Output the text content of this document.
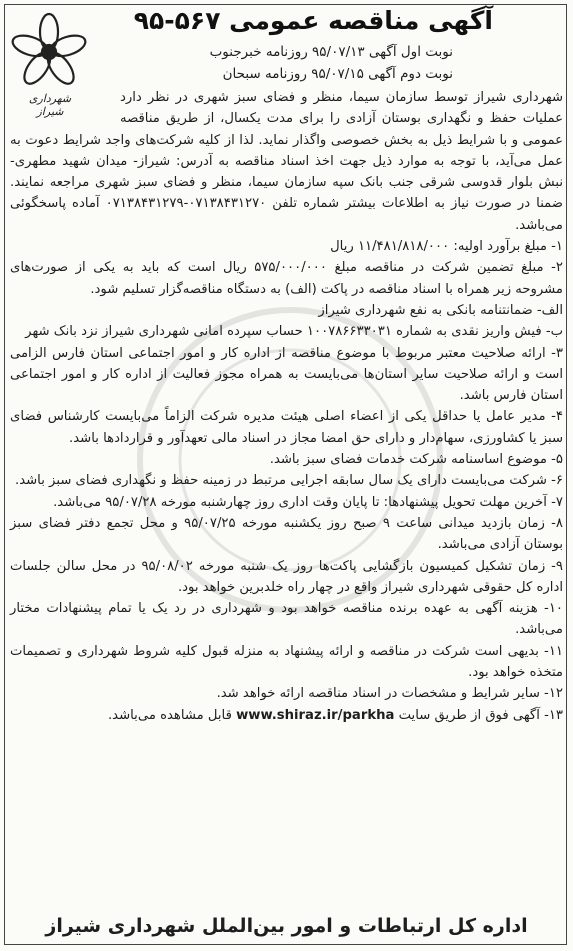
شهرداری شیراز
آگهی مناقصه عمومی ۵۶۷-۹۵
نوبت اول آگهی ۹۵/۰۷/۱۳ روزنامه خبرجنوب
نوبت دوم آگهی ۹۵/۰۷/۱۵ روزنامه سبحان
شهرداری شیراز توسط سازمان سیما، منظر و فضای سبز شهری در نظر دارد عملیات حفظ و نگهداری بوستان آزادی را برای مدت یکسال، از طریق مناقصه عمومی و با شرایط ذیل به بخش خصوصی واگذار نماید. لذا از کلیه شرکت‌های واجد شرایط دعوت به عمل می‌آید، با توجه به موارد ذیل جهت اخذ اسناد مناقصه به آدرس: شیراز- میدان شهید مطهری- نبش بلوار قدوسی شرقی جنب بانک سپه سازمان سیما، منظر و فضای سبز شهری مراجعه نمایند. ضمنا در صورت نیاز به اطلاعات بیشتر شماره تلفن ۰۷۱۳۸۴۳۱۲۷۰-۰۷۱۳۸۴۳۱۲۷۹ آماده پاسخگوئی می‌باشد.
۱- مبلغ برآورد اولیه: ۱۱/۴۸۱/۸۱۸/۰۰۰ ریال
۲- مبلغ تضمین شرکت در مناقصه مبلغ ۵۷۵/۰۰۰/۰۰۰ ریال است که باید به یکی از صورت‌های مشروحه زیر همراه با اسناد مناقصه در پاکت (الف) به دستگاه مناقصه‌گزار تسلیم شود.
الف- ضمانتنامه بانکی به نفع شهرداری شیراز
ب- فیش واریز نقدی به شماره ۱۰۰۷۸۶۶۳۳۰۳۱ حساب سپرده امانی شهرداری شیراز نزد بانک شهر
۳- ارائه صلاحیت معتبر مربوط با موضوع مناقصه از اداره کار و امور اجتماعی استان فارس الزامی است و ارائه صلاحیت سایر استان‌ها می‌بایست به همراه مجوز فعالیت از اداره کار و امور اجتماعی استان فارس باشد.
۴- مدیر عامل یا حداقل یکی از اعضاء اصلی هیئت مدیره شرکت الزاماً می‌بایست کارشناس فضای سبز یا کشاورزی، سهام‌دار و دارای حق امضا مجاز در اسناد مالی تعهدآور و قراردادها باشد.
۵- موضوع اساسنامه شرکت خدمات فضای سبز باشد.
۶- شرکت می‌بایست دارای یک سال سابقه اجرایی مرتبط در زمینه حفظ و نگهداری فضای سبز باشد.
۷- آخرین مهلت تحویل پیشنهادها: تا پایان وقت اداری روز چهارشنبه مورخه ۹۵/۰۷/۲۸ می‌باشد.
۸- زمان بازدید میدانی ساعت ۹ صبح روز یکشنبه مورخه ۹۵/۰۷/۲۵ و محل تجمع دفتر فضای سبز بوستان آزادی می‌باشد.
۹- زمان تشکیل کمیسیون بازگشایی پاکت‌ها روز یک شنبه مورخه ۹۵/۰۸/۰۲ در محل سالن جلسات اداره کل حقوقی شهرداری شیراز واقع در چهار راه خلدبرین خواهد بود.
۱۰- هزینه آگهی به عهده برنده مناقصه خواهد بود و شهرداری در رد یک یا تمام پیشنهادات مختار می‌باشد.
۱۱- بدیهی است شرکت در مناقصه و ارائه پیشنهاد به منزله قبول کلیه شروط شهرداری و تصمیمات متخذه خواهد بود.
۱۲- سایر شرایط و مشخصات در اسناد مناقصه ارائه خواهد شد.
۱۳- آگهی فوق از طریق سایت www.shiraz.ir/parkha قابل مشاهده می‌باشد.
اداره کل ارتباطات و امور بین‌الملل شهرداری شیراز
